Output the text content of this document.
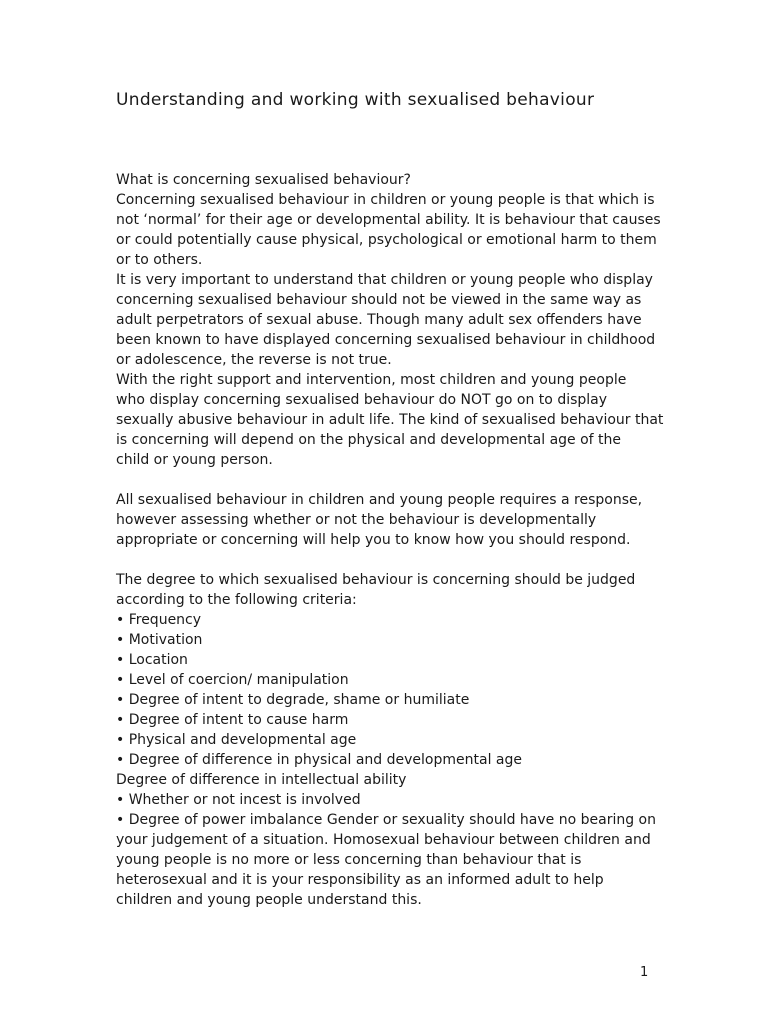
Understanding and working with sexualised behaviour
What is concerning sexualised behaviour?
Concerning sexualised behaviour in children or young people is that which is
not ‘normal’ for their age or developmental ability. It is behaviour that causes
or could potentially cause physical, psychological or emotional harm to them
or to others.
It is very important to understand that children or young people who display
concerning sexualised behaviour should not be viewed in the same way as
adult perpetrators of sexual abuse. Though many adult sex offenders have
been known to have displayed concerning sexualised behaviour in childhood
or adolescence, the reverse is not true.
With the right support and intervention, most children and young people
who display concerning sexualised behaviour do NOT go on to display
sexually abusive behaviour in adult life. The kind of sexualised behaviour that
is concerning will depend on the physical and developmental age of the
child or young person.
All sexualised behaviour in children and young people requires a response,
however assessing whether or not the behaviour is developmentally
appropriate or concerning will help you to know how you should respond.
The degree to which sexualised behaviour is concerning should be judged
according to the following criteria:
• Frequency
• Motivation
• Location
• Level of coercion/ manipulation
• Degree of intent to degrade, shame or humiliate
• Degree of intent to cause harm
• Physical and developmental age
• Degree of difference in physical and developmental age
Degree of difference in intellectual ability
• Whether or not incest is involved
• Degree of power imbalance Gender or sexuality should have no bearing on
your judgement of a situation. Homosexual behaviour between children and
young people is no more or less concerning than behaviour that is
heterosexual and it is your responsibility as an informed adult to help
children and young people understand this.
1
